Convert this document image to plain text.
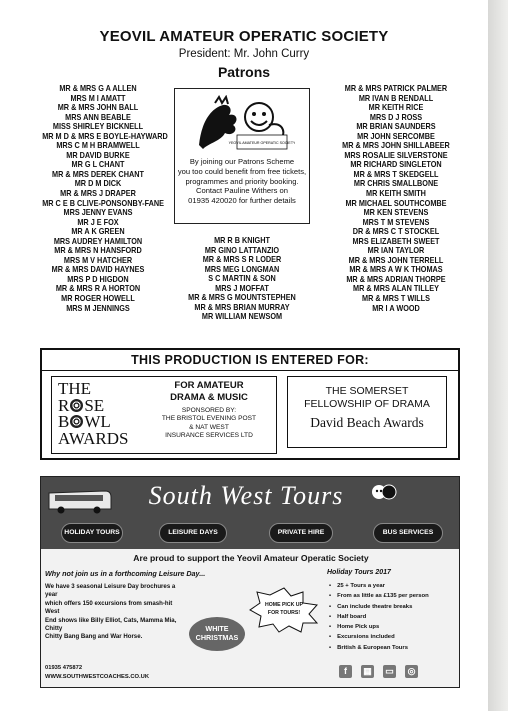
YEOVIL AMATEUR OPERATIC SOCIETY
President: Mr. John Curry
Patrons
MR & MRS G A ALLEN
MRS M I AMATT
MR & MRS JOHN BALL
MRS ANN BEABLE
MISS SHIRLEY BICKNELL
MR M D & MRS E BOYLE-HAYWARD
MRS C M H BRAMWELL
MR DAVID BURKE
MR G L CHANT
MR & MRS DEREK CHANT
MR D M DICK
MR & MRS J DRAPER
MR C E B CLIVE-PONSONBY-FANE
MRS JENNY EVANS
MR J E FOX
MR A K GREEN
MRS AUDREY HAMILTON
MR & MRS N HANSFORD
MRS M V HATCHER
MR & MRS DAVID HAYNES
MRS P D HIGDON
MR & MRS R A HORTON
MR ROGER HOWELL
MRS M JENNINGS
YEOVIL AMATEUR OPERATIC SOCIETY
By joining our Patrons Scheme
you too could benefit from free tickets,
programmes and priority booking.
Contact Pauline Withers on
01935 420020 for further details
MR R B KNIGHT
MR GINO LATTANZIO
MR & MRS S R LODER
MRS MEG LONGMAN
S C MARTIN & SON
MRS J MOFFAT
MR & MRS G MOUNTSTEPHEN
MR & MRS BRIAN MURRAY
MR WILLIAM NEWSOM
MR & MRS PATRICK PALMER
MR IVAN B RENDALL
MR KEITH RICE
MRS D J ROSS
MR BRIAN SAUNDERS
MR JOHN SERCOMBE
MR & MRS JOHN SHILLABEER
MRS ROSALIE SILVERSTONE
MR RICHARD SINGLETON
MR & MRS T SKEDGELL
MR CHRIS SMALLBONE
MR KEITH SMITH
MR MICHAEL SOUTHCOMBE
MR KEN STEVENS
MRS T M STEVENS
DR & MRS C T STOCKEL
MRS ELIZABETH SWEET
MR IAN TAYLOR
MR & MRS JOHN TERRELL
MR & MRS A W K THOMAS
MR & MRS ADRIAN THORPE
MR & MRS ALAN TILLEY
MR & MRS T WILLS
MR I A WOOD
THIS PRODUCTION IS ENTERED FOR:
THE
R SE
B WL
AWARDS
FOR AMATEUR
DRAMA & MUSIC
SPONSORED BY:
THE BRISTOL EVENING POST
& NAT WEST
INSURANCE SERVICES LTD
THE SOMERSET
FELLOWSHIP OF DRAMA
David Beach Awards
South West Tours
HOLIDAY TOURS	LEISURE DAYS	PRIVATE HIRE	BUS SERVICES
Are proud to support the Yeovil Amateur Operatic Society
Why not join us in a forthcoming Leisure Day...
We have 3 seasonal Leisure Day brochures a year
which offers 150 excursions from smash-hit West
End shows like Billy Elliot, Cats, Mamma Mia, Chitty
Chitty Bang Bang and War Horse.
WHITE
CHRISTMAS
HOME PICK UP
FOR TOURS!
01935 475872
WWW.SOUTHWESTCOACHES.CO.UK
Holiday Tours 2017
• 25 + Tours a year
• From as little as £135 per person
• Can include theatre breaks
• Half board
• Home Pick ups
• Excursions included
• British & European Tours
f	▦ ▭ ◎
